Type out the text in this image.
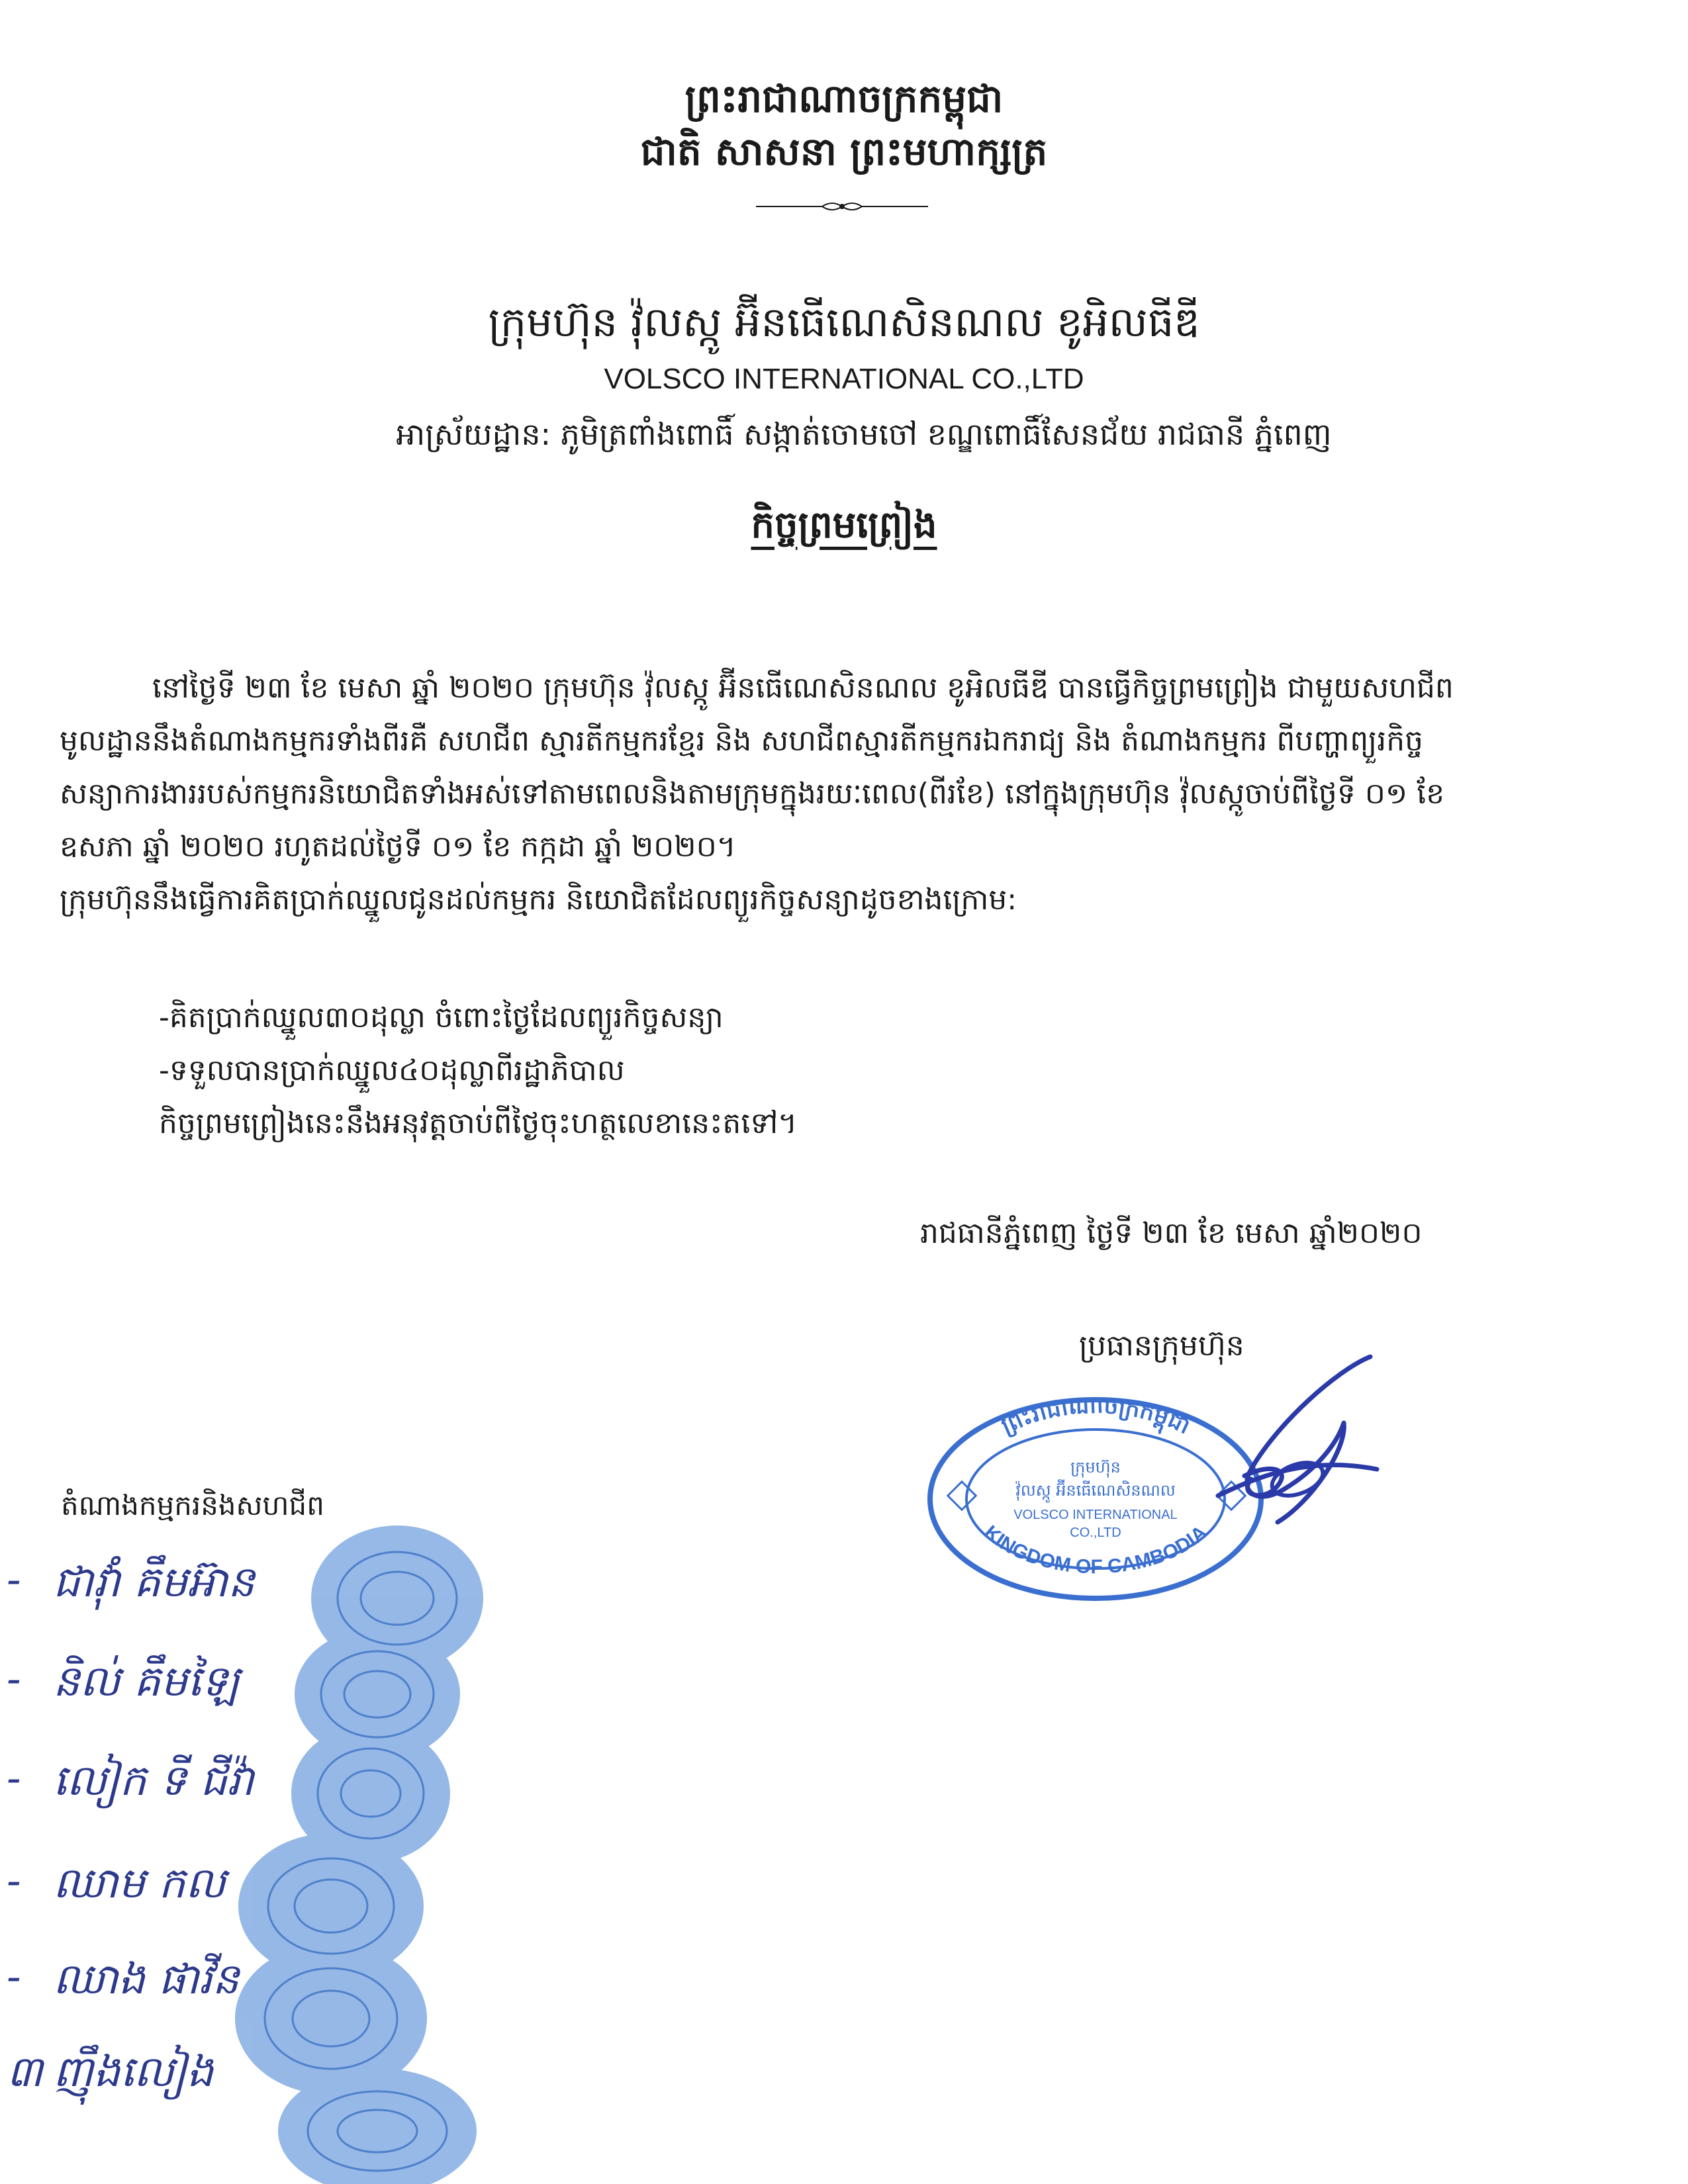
ព្រះរាជាណាចក្រកម្ពុជា
ជាតិ សាសនា ព្រះមហាក្សត្រ
ក្រុមហ៊ុន វ៉ុលស្កូ អ៊ីនធើណេសិនណល ខូអិលធីឌី
VOLSCO INTERNATIONAL CO.,LTD
អាស្រ័យដ្ឋាន: ភូមិត្រពាំងពោធិ៍ សង្កាត់ចោមចៅ ខណ្ឌពោធិ៍សែនជ័យ រាជធានី ភ្នំពេញ
កិច្ចព្រមព្រៀង

នៅថ្ងៃទី ២៣ ខែ មេសា ឆ្នាំ ២០២០ ក្រុមហ៊ុន វ៉ុលស្កូ អ៊ីនធើណេសិនណល ខូអិលធីឌី បានធ្វើកិច្ចព្រមព្រៀង ជាមួយសហជីពមូលដ្ឋាននឹងតំណាងកម្មករទាំងពីរគឺ សហជីព ស្មារតីកម្មករខ្មែរ និង សហជីពស្មារតីកម្មករឯករាជ្យ និង តំណាងកម្មករ ពីបញ្ហាព្យួរកិច្ចសន្យាការងាររបស់កម្មករនិយោជិតទាំងអស់ទៅតាមពេលនិងតាមក្រុមក្នុងរយៈពេល(ពីរខែ) នៅក្នុងក្រុមហ៊ុន វ៉ុលស្កូចាប់ពីថ្ងៃទី ០១ ខែ ឧសភា ឆ្នាំ ២០២០ រហូតដល់ថ្ងៃទី ០១ ខែ កក្កដា ឆ្នាំ ២០២០។

ក្រុមហ៊ុននឹងធ្វើការគិតប្រាក់ឈ្នួលជូនដល់កម្មករ និយោជិតដែលព្យួរកិច្ចសន្យាដូចខាងក្រោម:

-គិតប្រាក់ឈ្នួល៣០ដុល្លា ចំពោះថ្ងៃដែលព្យួរកិច្ចសន្យា
-ទទួលបានប្រាក់ឈ្នួល៤០ដុល្លាពីរដ្ឋាភិបាល
កិច្ចព្រមព្រៀងនេះនឹងអនុវត្តចាប់ពីថ្ងៃចុះហត្ថលេខានេះតទៅ។
រាជធានីភ្នំពេញ ថ្ងៃទី ២៣ ខែ មេសា ឆ្នាំ២០២០
ប្រធានក្រុមហ៊ុន
ព្រះរាជាណាចក្រកម្ពុជា
KINGDOM OF CAMBODIA
ក្រុមហ៊ុន
វ៉ុលស្កូ អ៊ីនធើណេសិនណល
VOLSCO INTERNATIONAL
CO.,LTD
តំណាងកម្មករនិងសហជីព
- ជាវ៉ាំ គឹមអ៊ាន
- និល់ គឹមឡៃ
- លៀក ទី ជីវ៉ា
- ឈាម កល
- ឈាង ផាវីន
៣ ញ៉ឹងលៀង
